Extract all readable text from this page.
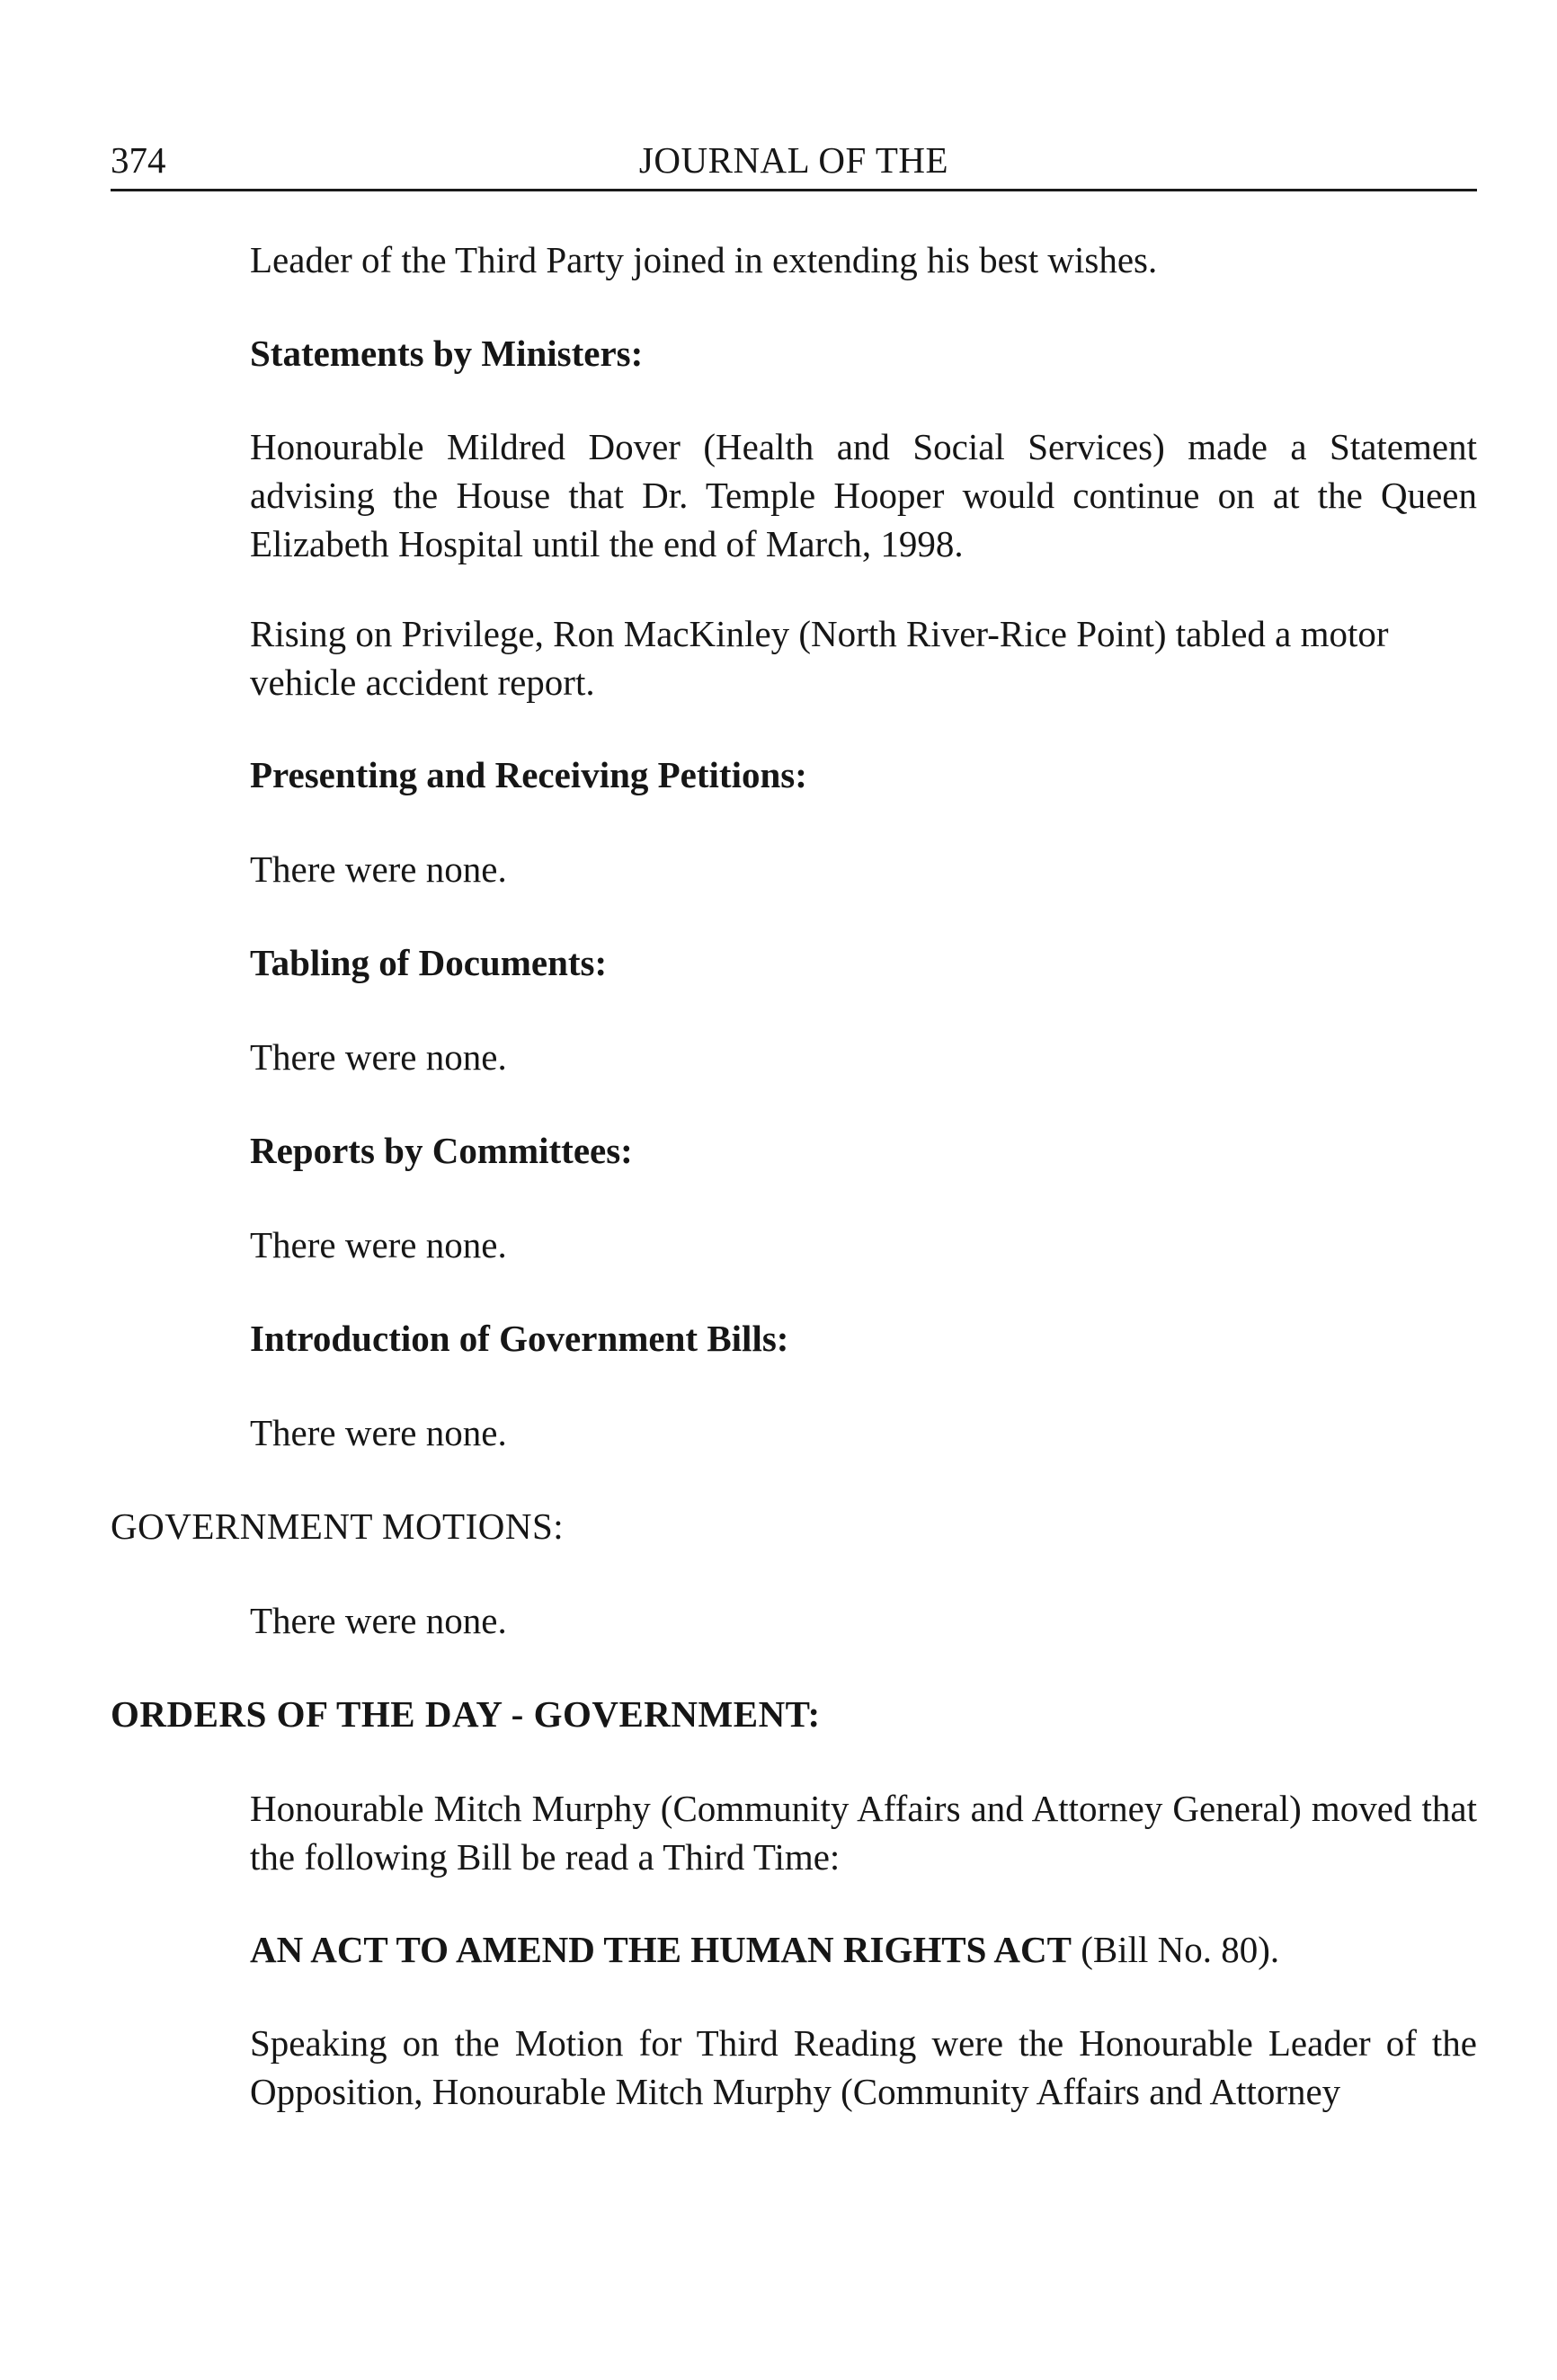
374	JOURNAL OF THE

Leader of the Third Party joined in extending his best wishes.

Statements by Ministers:

Honourable Mildred Dover (Health and Social Services) made a Statement advising the House that Dr. Temple Hooper would continue on at the Queen Elizabeth Hospital until the end of March, 1998.

Rising on Privilege, Ron MacKinley (North River-Rice Point) tabled a motor vehicle accident report.

Presenting and Receiving Petitions:

There were none.

Tabling of Documents:

There were none.

Reports by Committees:

There were none.

Introduction of Government Bills:

There were none.

GOVERNMENT MOTIONS:

There were none.

ORDERS OF THE DAY - GOVERNMENT:

Honourable Mitch Murphy (Community Affairs and Attorney General) moved that the following Bill be read a Third Time:

AN ACT TO AMEND THE HUMAN RIGHTS ACT (Bill No. 80).

Speaking on the Motion for Third Reading were the Honourable Leader of the Opposition, Honourable Mitch Murphy (Community Affairs and Attorney
